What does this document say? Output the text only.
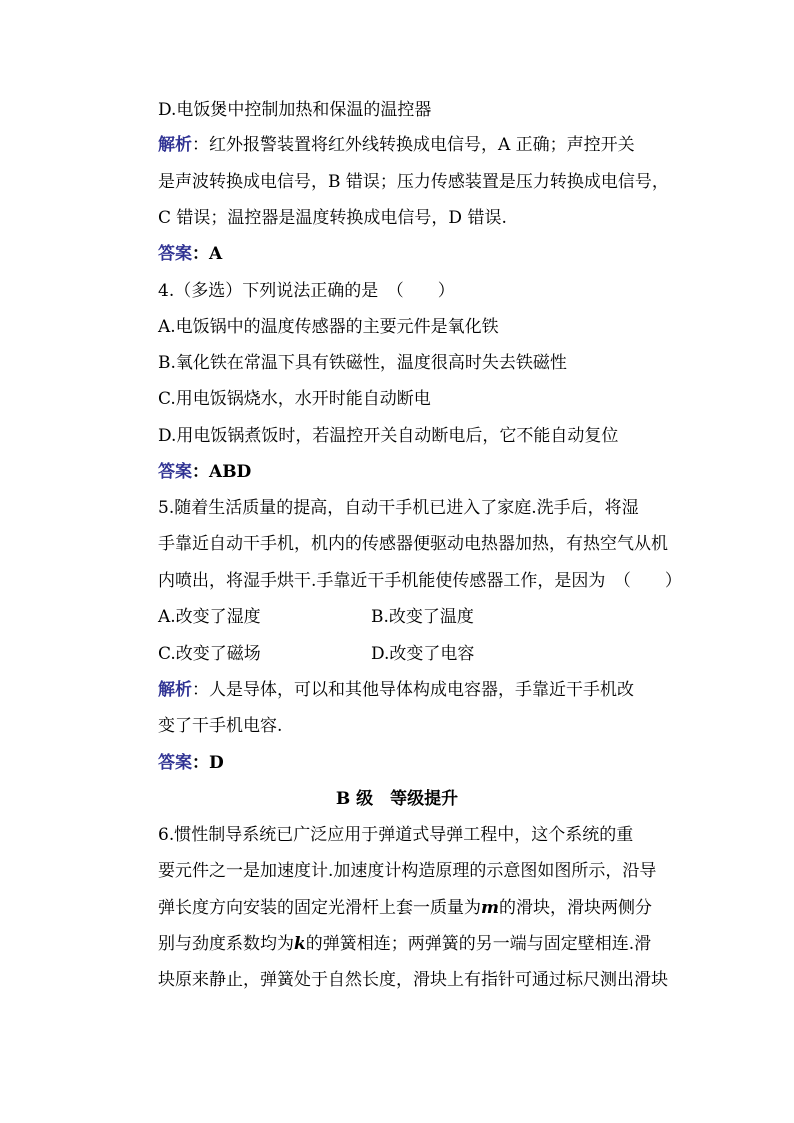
D.电饭煲中控制加热和保温的温控器
解析：红外报警装置将红外线转换成电信号，A 正确；声控开关
是声波转换成电信号，B 错误；压力传感装置是压力转换成电信号，
C 错误；温控器是温度转换成电信号，D 错误.
答案：A
4.（多选）下列说法正确的是　（　　）
A.电饭锅中的温度传感器的主要元件是氧化铁
B.氧化铁在常温下具有铁磁性，温度很高时失去铁磁性
C.用电饭锅烧水，水开时能自动断电
D.用电饭锅煮饭时，若温控开关自动断电后，它不能自动复位
答案：ABD
5.随着生活质量的提高，自动干手机已进入了家庭.洗手后，将湿
手靠近自动干手机，机内的传感器便驱动电热器加热，有热空气从机
内喷出，将湿手烘干.手靠近干手机能使传感器工作，是因为　（　　）
A.改变了湿度	B.改变了温度
C.改变了磁场	D.改变了电容
解析：人是导体，可以和其他导体构成电容器，手靠近干手机改
变了干手机电容.
答案：D
B 级　等级提升
6.惯性制导系统已广泛应用于弹道式导弹工程中，这个系统的重
要元件之一是加速度计.加速度计构造原理的示意图如图所示，沿导
弹长度方向安装的固定光滑杆上套一质量为m的滑块，滑块两侧分
别与劲度系数均为k的弹簧相连；两弹簧的另一端与固定壁相连.滑
块原来静止，弹簧处于自然长度，滑块上有指针可通过标尺测出滑块
